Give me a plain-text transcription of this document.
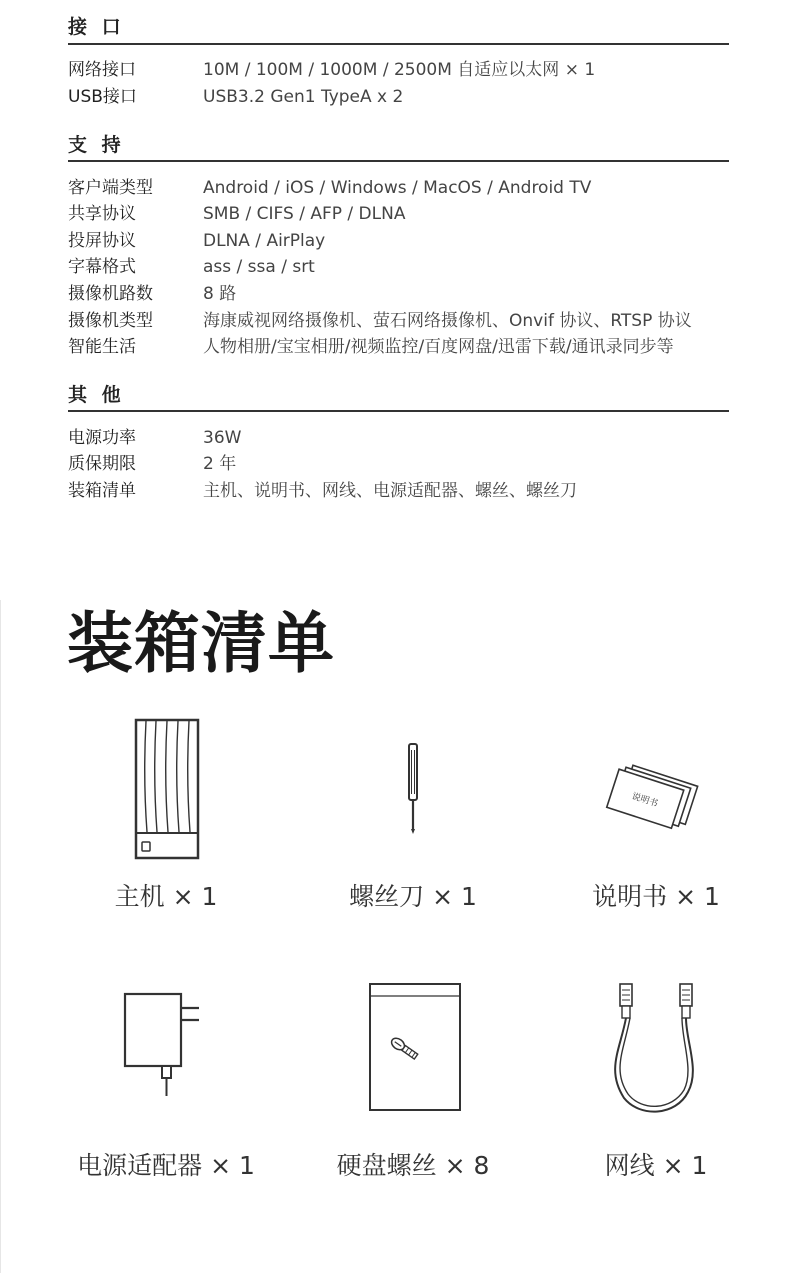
接 口
网络接口	10M / 100M / 1000M / 2500M 自适应以太网 × 1
USB接口	USB3.2 Gen1 TypeA x 2
支 持
客户端类型	Android / iOS / Windows / MacOS / Android TV
共享协议	SMB / CIFS / AFP / DLNA
投屏协议	DLNA / AirPlay
字幕格式	ass / ssa / srt
摄像机路数	8 路
摄像机类型	海康威视网络摄像机、萤石网络摄像机、Onvif 协议、RTSP 协议
智能生活	人物相册/宝宝相册/视频监控/百度网盘/迅雷下载/通讯录同步等
其 他
电源功率	36W
质保期限	2 年
装箱清单	主机、说明书、网线、电源适配器、螺丝、螺丝刀
装箱清单
主机 × 1	螺丝刀 × 1
说明书
说明书 × 1
电源适配器 × 1	硬盘螺丝 × 8	网线 × 1
